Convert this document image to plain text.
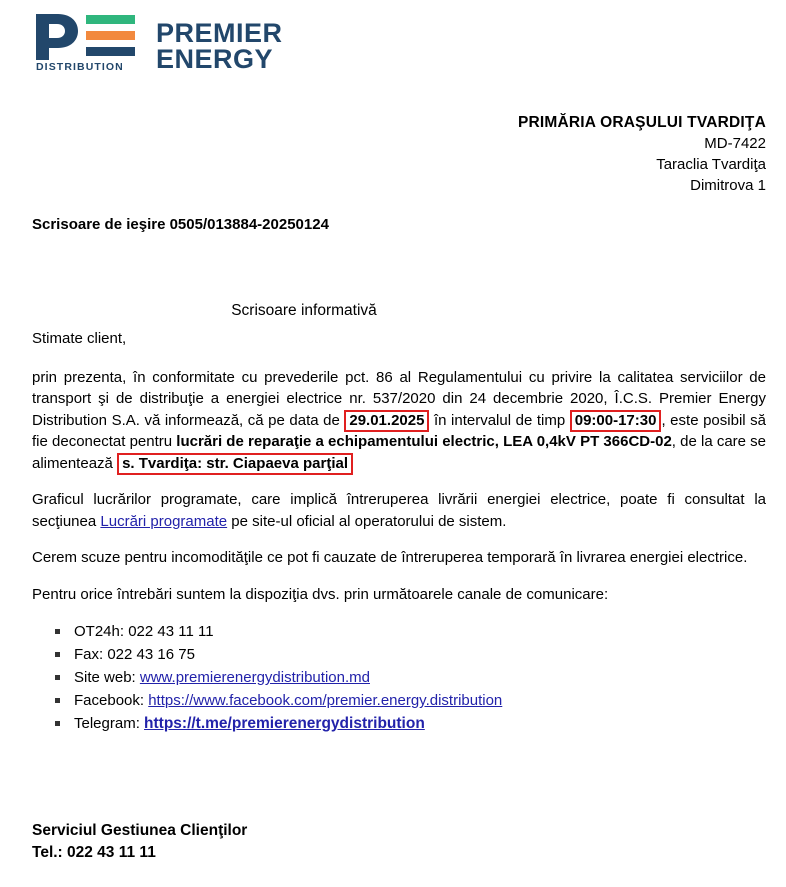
DISTRIBUTION
PREMIER
ENERGY
PRIMĂRIA ORAŞULUI TVARDIŢA
MD-7422
Taraclia Tvardiţa
Dimitrova 1
Scrisoare de ieşire 0505/013884-20250124
Scrisoare informativă

Stimate client,

prin prezenta, în conformitate cu prevederile pct. 86 al Regulamentului cu privire la calitatea serviciilor de transport şi de distribuţie a energiei electrice nr. 537/2020 din 24 decembrie 2020, Î.C.S. Premier Energy Distribution S.A. vă informează, că pe data de 29.01.2025 în intervalul de timp 09:00-17:30 , este posibil să fie deconectat pentru lucrări de reparaţie a echipamentului electric, LEA 0,4kV PT 366CD-02, de la care se alimentează s. Tvardiţa: str. Ciapaeva parţial

Graficul lucrărilor programate, care implică întreruperea livrării energiei electrice, poate fi consultat la secţiunea Lucrări programate pe site-ul oficial al operatorului de sistem.

Cerem scuze pentru incomodităţile ce pot fi cauzate de întreruperea temporară în livrarea energiei electrice.

Pentru orice întrebări suntem la dispoziţia dvs. prin următoarele canale de comunicare:

OT24h: 022 43 11 11
Fax: 022 43 16 75
Site web: www.premierenergydistribution.md
Facebook: https://www.facebook.com/premier.energy.distribution
Telegram: https://t.me/premierenergydistribution
Serviciul Gestiunea Clienţilor
Tel.: 022 43 11 11
